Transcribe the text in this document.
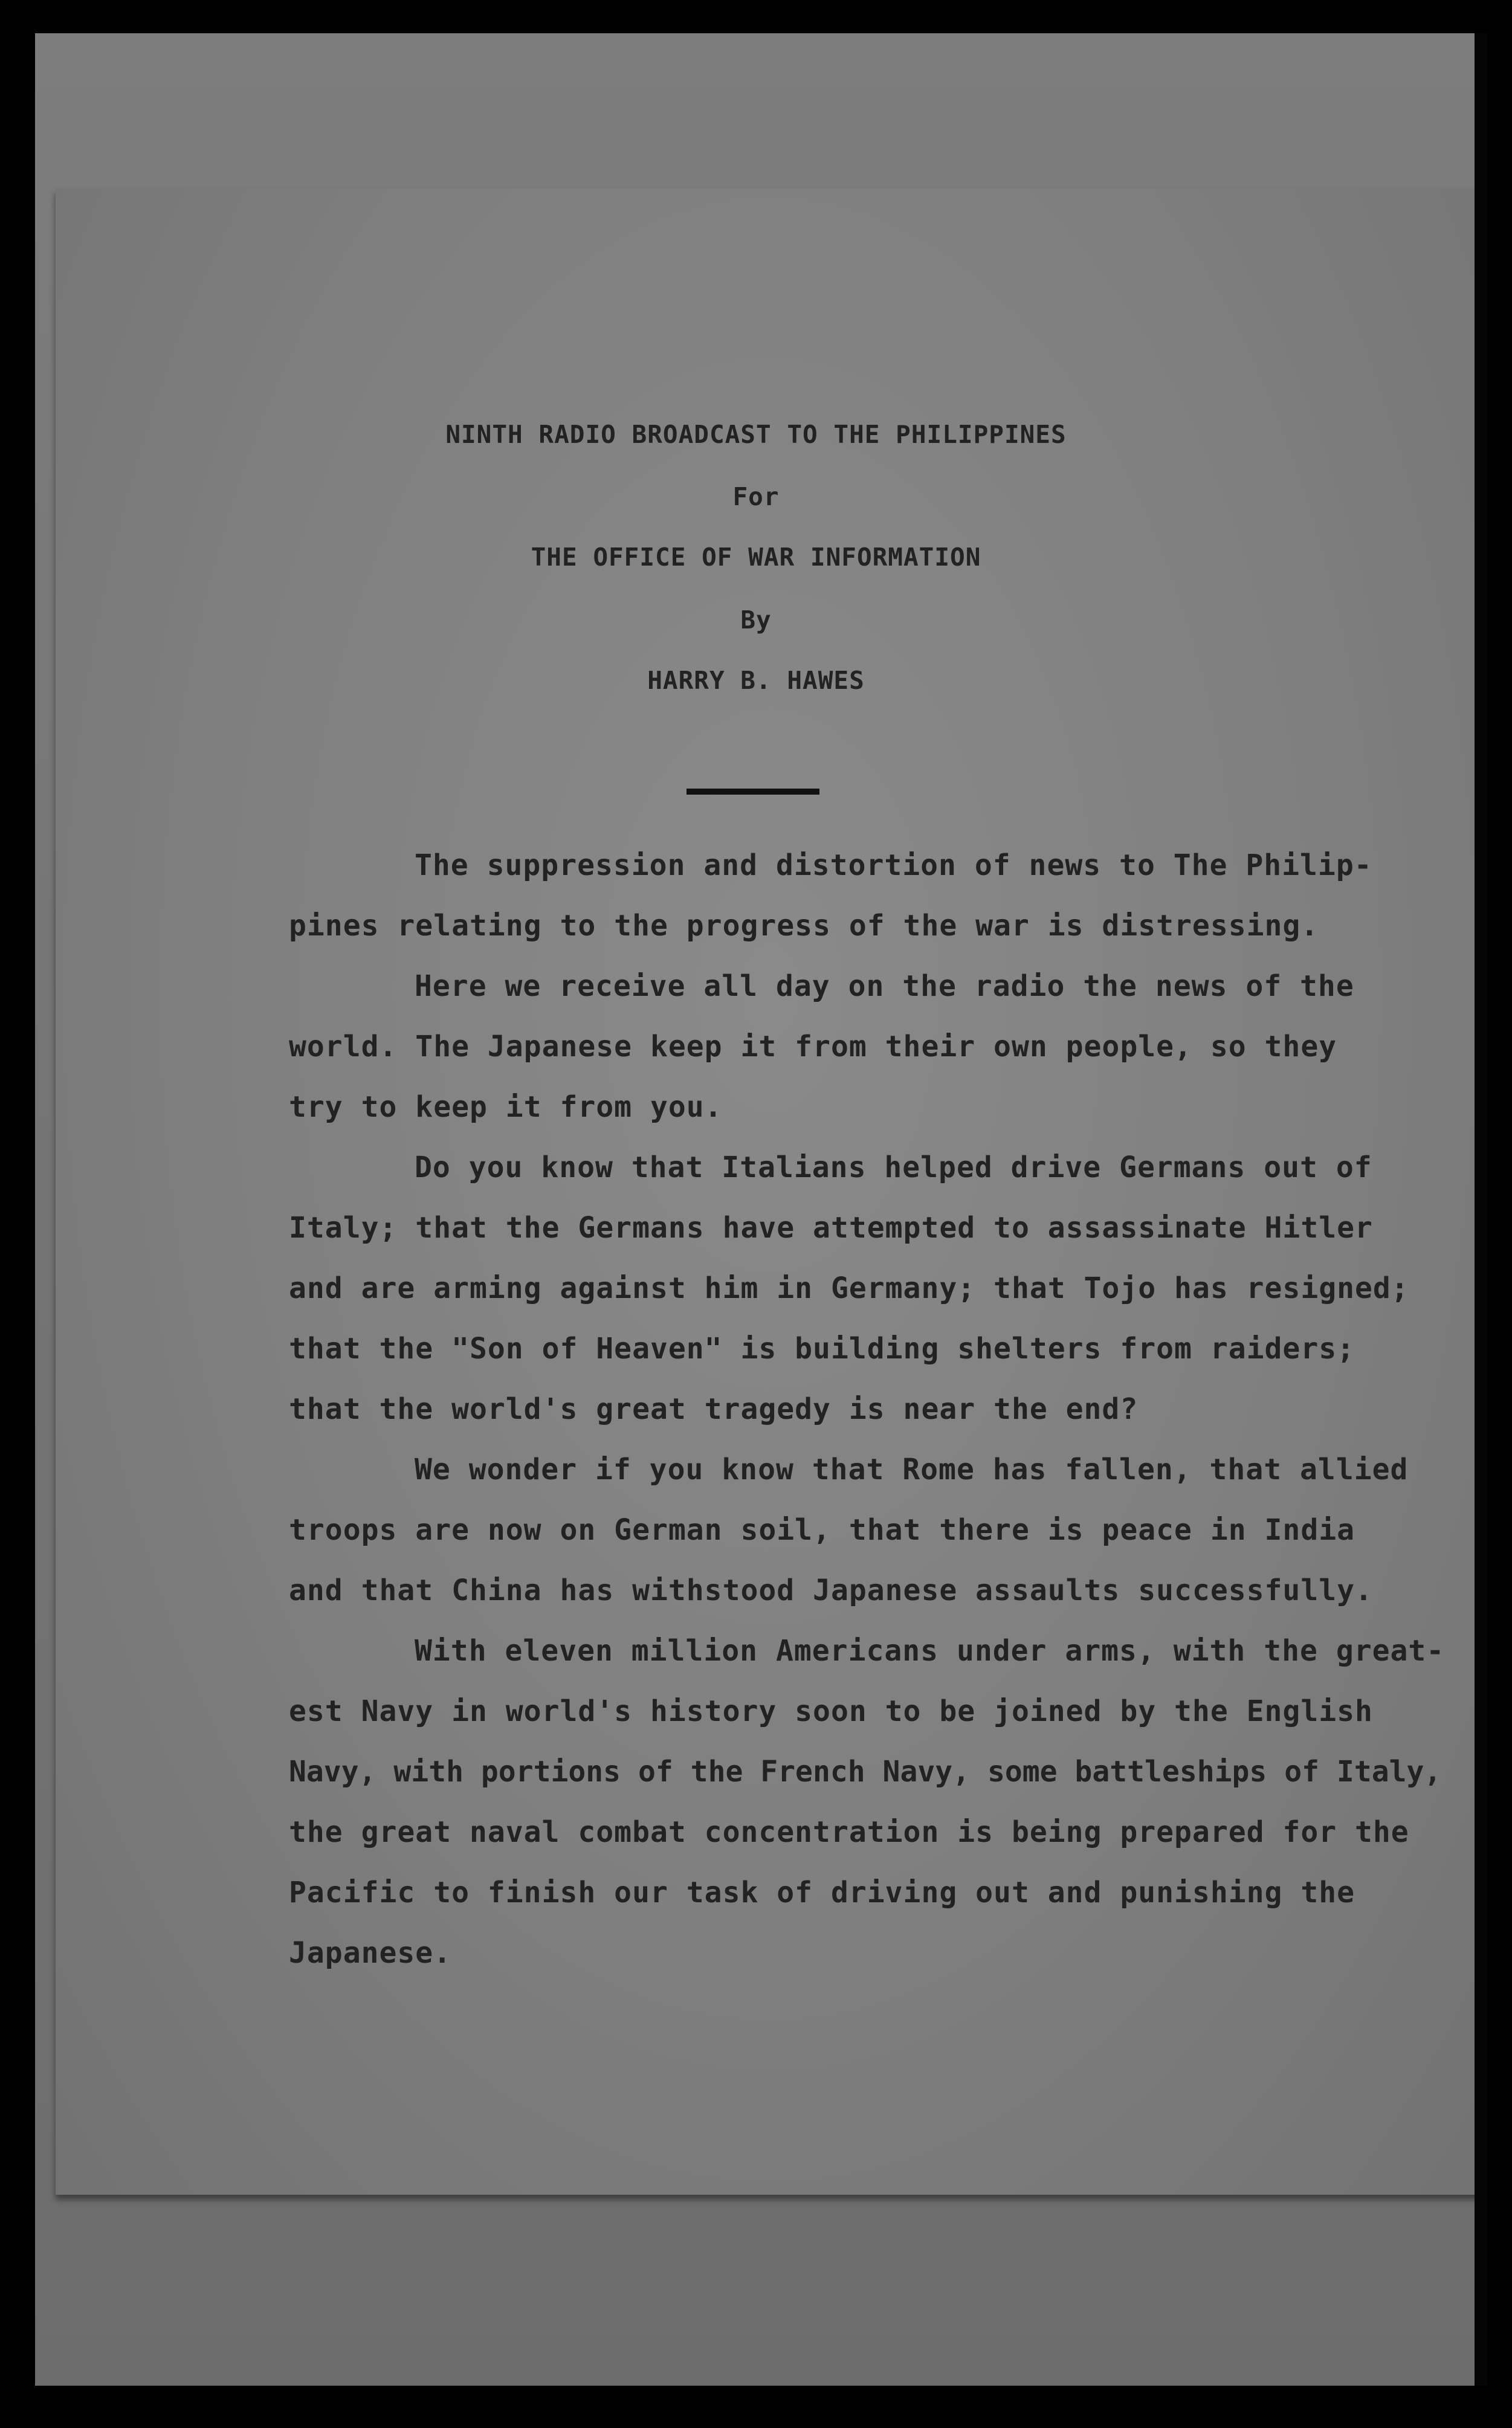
NINTH RADIO BROADCAST TO THE PHILIPPINES
For
THE OFFICE OF WAR INFORMATION
By
HARRY B. HAWES
The suppression and distortion of news to The Philip-
pines relating to the progress of the war is distressing.
Here we receive all day on the radio the news of the
world. The Japanese keep it from their own people, so they
try to keep it from you.
Do you know that Italians helped drive Germans out of
Italy; that the Germans have attempted to assassinate Hitler
and are arming against him in Germany; that Tojo has resigned;
that the "Son of Heaven" is building shelters from raiders;
that the world's great tragedy is near the end?
We wonder if you know that Rome has fallen, that allied
troops are now on German soil, that there is peace in India
and that China has withstood Japanese assaults successfully.
With eleven million Americans under arms, with the great-
est Navy in world's history soon to be joined by the English
Navy, with portions of the French Navy, some battleships of Italy,
the great naval combat concentration is being prepared for the
Pacific to finish our task of driving out and punishing the
Japanese.
